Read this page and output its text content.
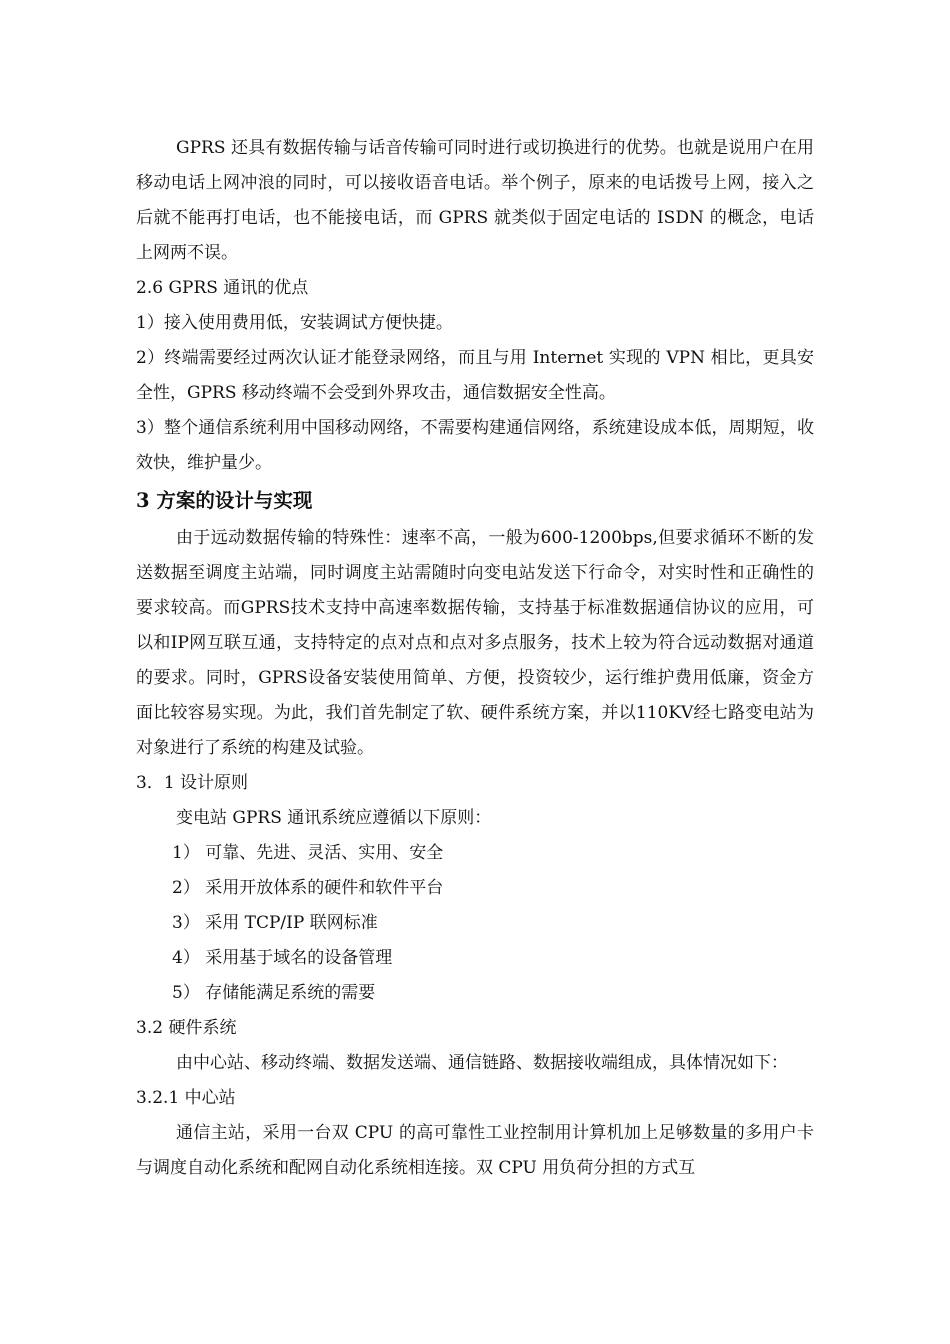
GPRS 还具有数据传输与话音传输可同时进行或切换进行的优势。也就是说用户在用移动电话上网冲浪的同时，可以接收语音电话。举个例子，原来的电话拨号上网，接入之后就不能再打电话，也不能接电话，而 GPRS 就类似于固定电话的 ISDN 的概念，电话上网两不误。

2.6 GPRS 通讯的优点

1）接入使用费用低，安装调试方便快捷。

2）终端需要经过两次认证才能登录网络，而且与用 Internet 实现的 VPN 相比，更具安全性，GPRS 移动终端不会受到外界攻击，通信数据安全性高。

3）整个通信系统利用中国移动网络，不需要构建通信网络，系统建设成本低，周期短，收效快，维护量少。

3 方案的设计与实现

由于远动数据传输的特殊性：速率不高，一般为600-1200bps,但要求循环不断的发送数据至调度主站端，同时调度主站需随时向变电站发送下行命令，对实时性和正确性的要求较高。而GPRS技术支持中高速率数据传输，支持基于标准数据通信协议的应用，可以和IP网互联互通，支持特定的点对点和点对多点服务，技术上较为符合远动数据对通道的要求。同时，GPRS设备安装使用简单、方便，投资较少，运行维护费用低廉，资金方面比较容易实现。为此，我们首先制定了软、硬件系统方案，并以110KV经七路变电站为对象进行了系统的构建及试验。

3．1 设计原则

变电站 GPRS 通讯系统应遵循以下原则：

1） 可靠、先进、灵活、实用、安全

2） 采用开放体系的硬件和软件平台

3） 采用 TCP/IP 联网标准

4） 采用基于域名的设备管理

5） 存储能满足系统的需要

3.2 硬件系统

由中心站、移动终端、数据发送端、通信链路、数据接收端组成，具体情况如下：

3.2.1 中心站

通信主站，采用一台双 CPU 的高可靠性工业控制用计算机加上足够数量的多用户卡与调度自动化系统和配网自动化系统相连接。双 CPU 用负荷分担的方式互
